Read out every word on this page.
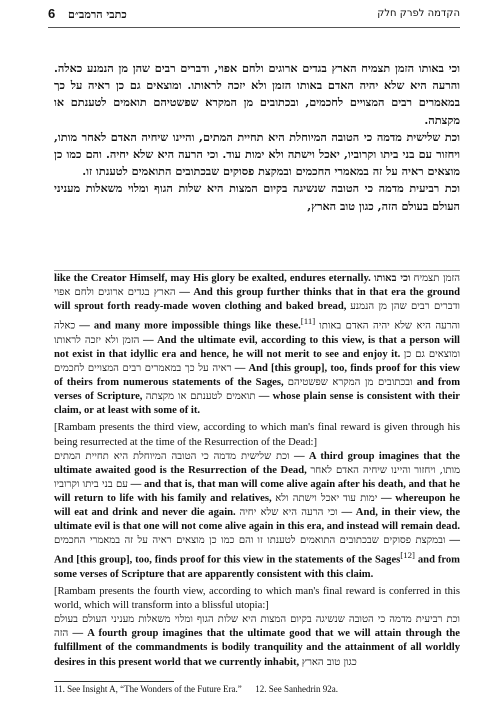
6 כתבי הרמב״ם	הקדמה לפרק חלק

וכי באותו הזמן תצמיח הארץ בגדים ארוגים ולחם אפוי, ודברים רבים שהן מן הנמנע כאלה. והרעה היא שלא יהיה האדם באותו הזמן ולא יזכה לראותו. ומוצאים גם כן ראיה על כך במאמרים רבים המצויים לחכמים, ובכתובים מן המקרא שפשטיהם תואמים לטענתם או מקצתה.

וכת שלישית מדמה כי הטובה המיוחלת היא תחיית המתים, והיינו שיחיה האדם לאחר מותו, ויחזור עם בני ביתו וקרוביו, יאכל וישתה ולא ימות עוד. וכי הרעה היא שלא יחיה. והם כמו כן מוצאים ראיה על זה במאמרי החכמים ובמקצת פסוקים שבכתובים התואמים לטענתו זו.

וכת רביעית מדמה כי הטובה שנשיגה בקיום המצות היא שלות הגוף ומלוי משאלות מעניני העולם בעולם הזה, כגון טוב הארץ,

like the Creator Himself, may His glory be exalted, endures eternally. וכי באותו הזמן תצמיח הארץ בגדים ארוגים ולחם אפוי — And this group further thinks that in that era the ground will sprout forth ready-made woven clothing and baked bread, ודברים רבים שהן מן הנמנע כאלה — and many more impossible things like these.[11] והרעה היא שלא יהיה האדם באותו הזמן ולא יזכה לראותו — And the ultimate evil, according to this view, is that a person will not exist in that idyllic era and hence, he will not merit to see and enjoy it. ומוצאים גם כן ראיה על כך במאמרים רבים המצויים לחכמים — And [this group], too, finds proof for this view of theirs from numerous statements of the Sages, ובכתובים מן המקרא שפשטיהם and from verses of Scripture, תואמים לטענתם או מקצתה — whose plain sense is consistent with their claim, or at least with some of it.

[Rambam presents the third view, according to which man's final reward is given through his being resurrected at the time of the Resurrection of the Dead:]

וכת שלישית מדמה כי הטובה המיוחלת היא תחיית המתים — A third group imagines that the ultimate awaited good is the Resurrection of the Dead, והיינו שיחיה האדם לאחר מותו, ויחזור עם בני ביתו וקרוביו — and that is, that man will come alive again after his death, and that he will return to life with his family and relatives, יאכל וישתה ולא ימות עוד — whereupon he will eat and drink and never die again. וכי הרעה היא שלא יחיה — And, in their view, the ultimate evil is that one will not come alive again in this era, and instead will remain dead. והם כמו כן מוצאים ראיה על זה במאמרי החכמים ובמקצת פסוקים שבכתובים התואמים לטענתו זו — And [this group], too, finds proof for this view in the statements of the Sages[12] and from some verses of Scripture that are apparently consistent with this claim.

[Rambam presents the fourth view, according to which man's final reward is conferred in this world, which will transform into a blissful utopia:]

וכת רביעית מדמה כי הטובה שנשיגה בקיום המצות היא שלות הגוף ומלוי משאלות מעניני העולם בעולם הזה — A fourth group imagines that the ultimate good that we will attain through the fulfillment of the commandments is bodily tranquility and the attainment of all worldly desires in this present world that we currently inhabit, כגון טוב הארץ

11. See Insight A, “The Wonders of the Future Era.” 12. See Sanhedrin 92a.
